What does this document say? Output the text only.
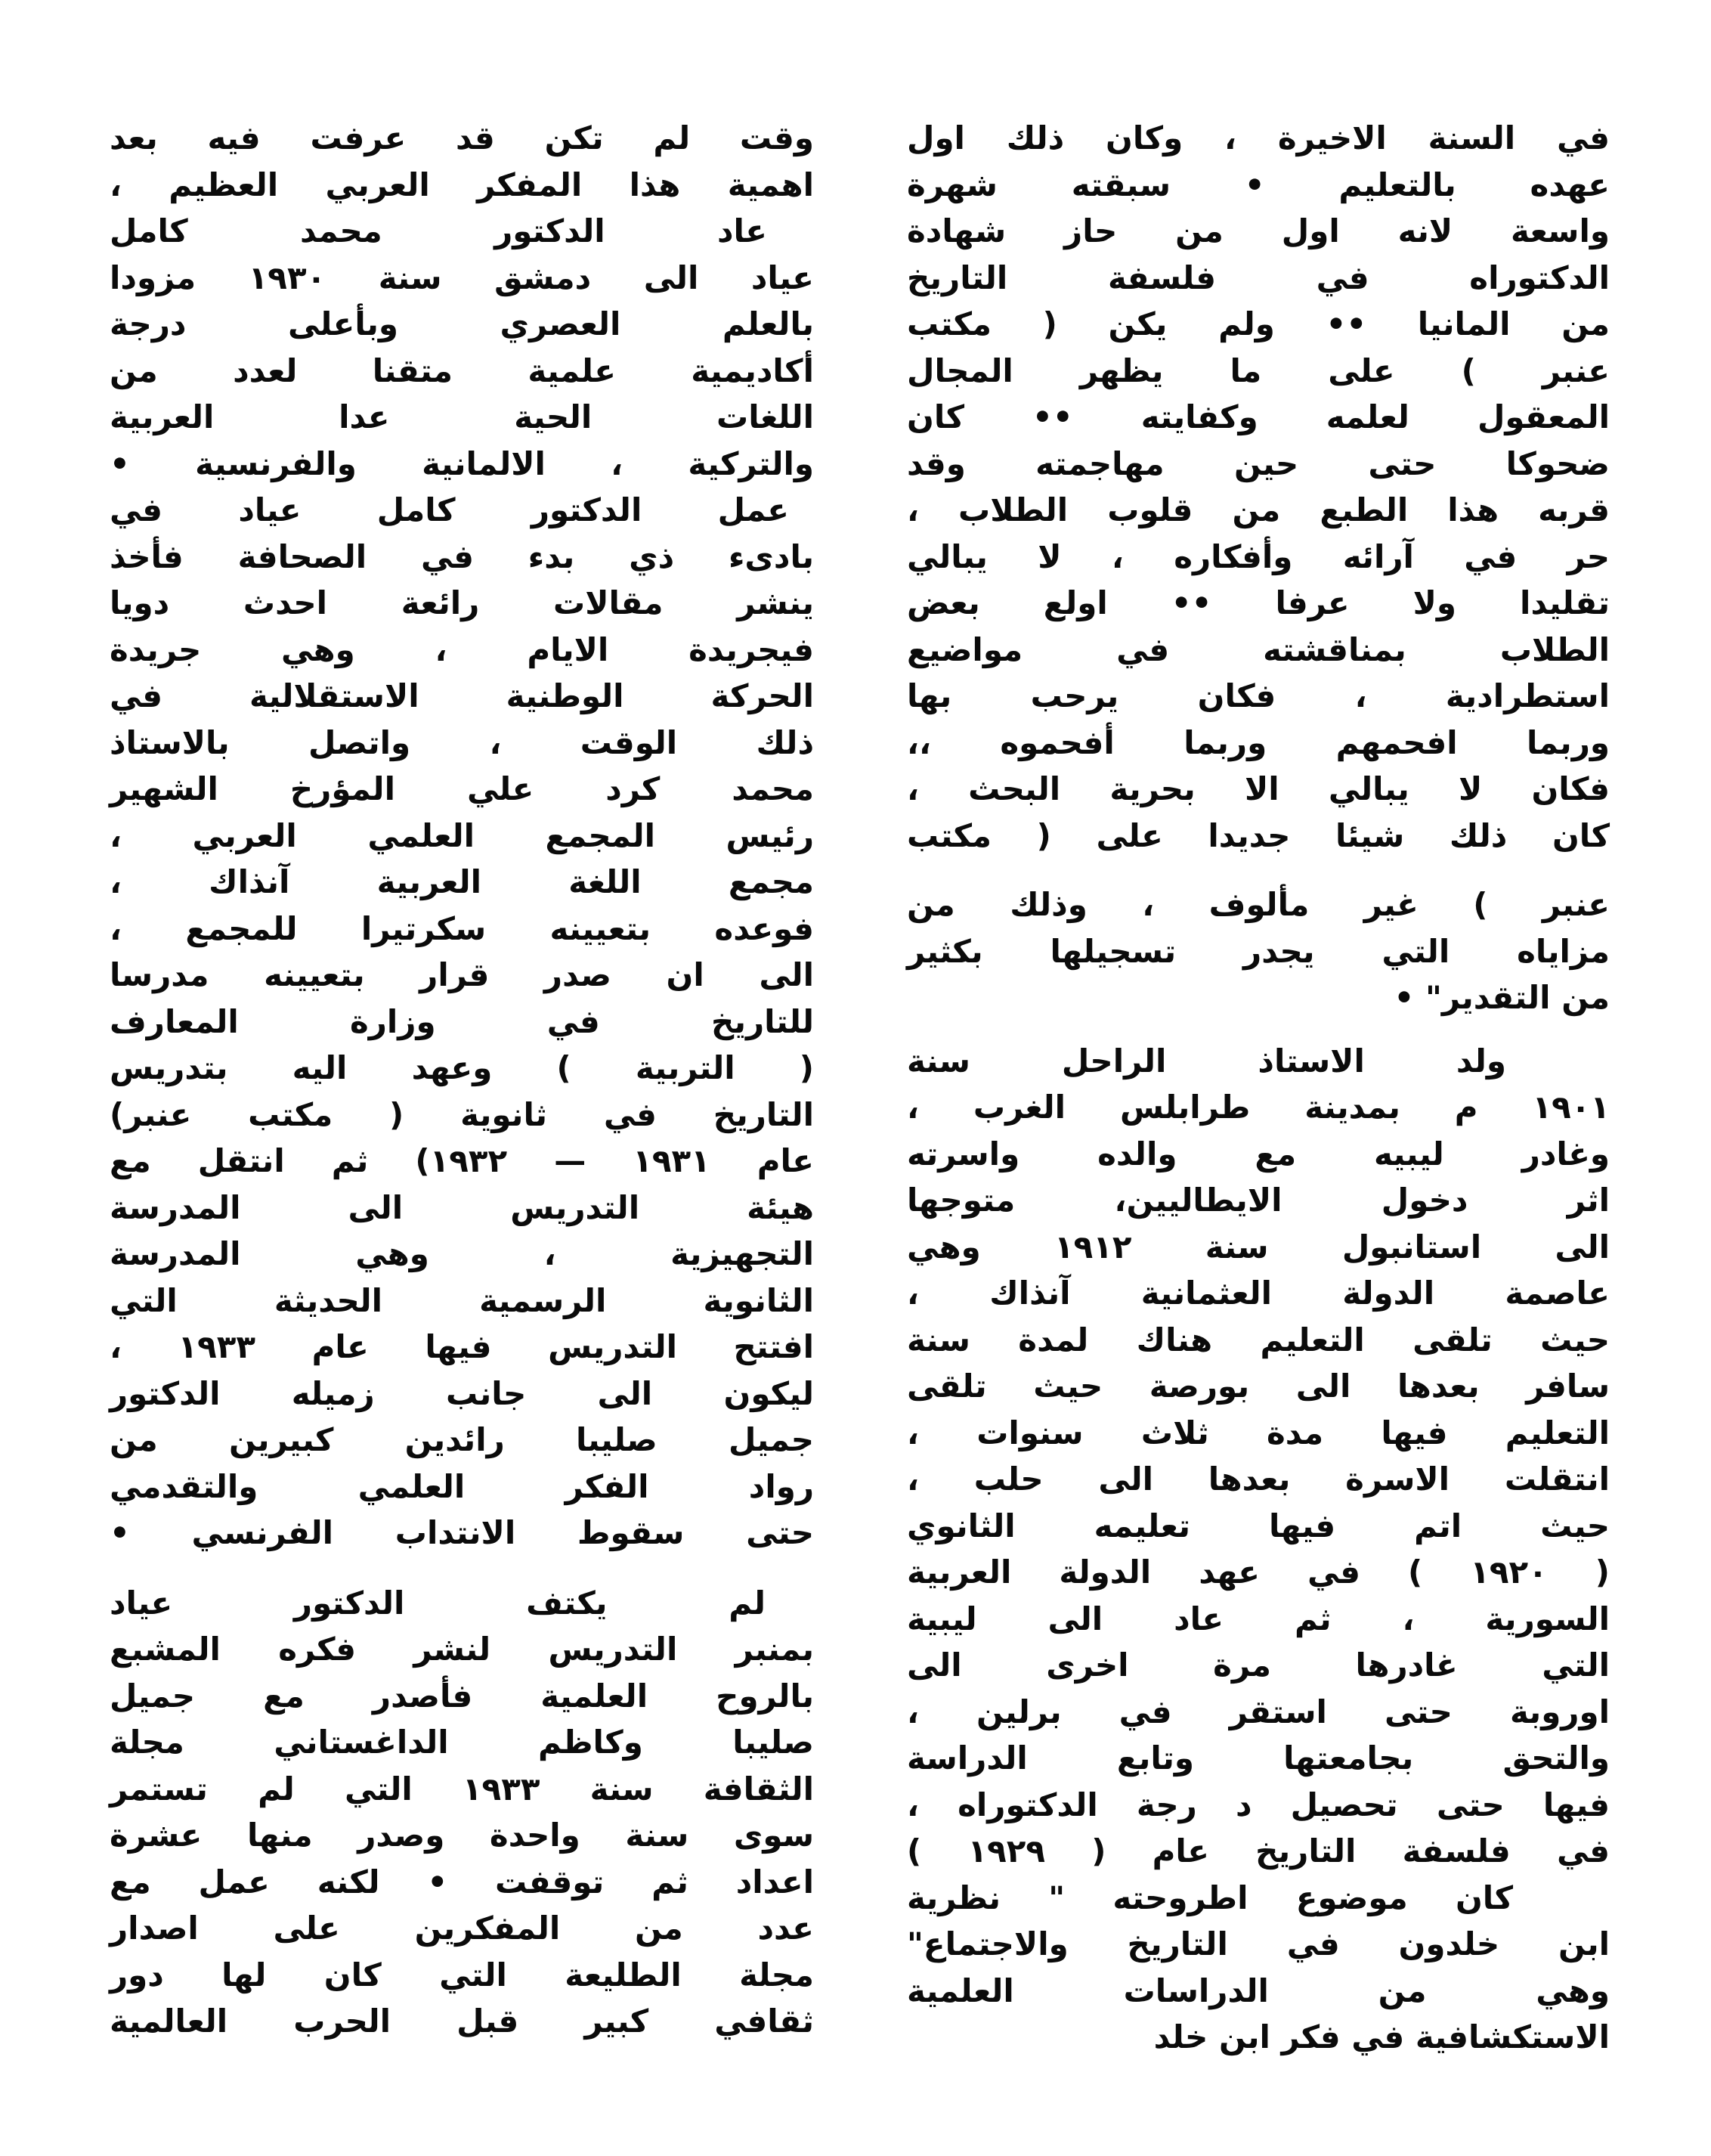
في السنة الاخيرة ، وكان ذلك اول
عهده بالتعليم • سبقته شهرة
واسعة لانه اول من حاز شهادة
الدكتوراه في فلسفة التاريخ
من المانيا •• ولم يكن ( مكتب
عنبر ) على ما يظهر المجال
المعقول لعلمه وكفايته •• كان
ضحوكا حتى حين مهاجمته وقد
قربه هذا الطبع من قلوب الطلاب ،
حر في آرائه وأفكاره ، لا يبالي
تقليدا ولا عرفا •• اولع بعض
الطلاب بمناقشته في مواضيع
استطرادية ، فكان يرحب بها
وربما افحمهم وربما أفحموه ،،
فكان لا يبالي الا بحرية البحث ،
كان ذلك شيئا جديدا على ( مكتب
عنبر ) غير مألوف ، وذلك من
مزاياه التي يجدر تسجيلها بكثير
من التقدير" •
ولد الاستاذ الراحل سنة
١٩٠١ م بمدينة طرابلس الغرب ،
وغادر ليبيه مع والده واسرته
اثر دخول الايطاليين، متوجها
الى استانبول سنة ١٩١٢ وهي
عاصمة الدولة العثمانية آنذاك ،
حيث تلقى التعليم هناك لمدة سنة
سافر بعدها الى بورصة حيث تلقى
التعليم فيها مدة ثلاث سنوات ،
انتقلت الاسرة بعدها الى حلب ،
حيث اتم فيها تعليمه الثانوي
( ١٩٢٠ ) في عهد الدولة العربية
السورية ، ثم عاد الى ليبية
التي غادرها مرة اخرى الى
اوروبة حتى استقر في برلين ،
والتحق بجامعتها وتابع الدراسة
فيها حتى تحصيل د رجة الدكتوراه ،
في فلسفة التاريخ عام ( ١٩٢٩ )
كان موضوع اطروحته " نظرية
ابن خلدون في التاريخ والاجتماع"
وهي من الدراسات العلمية
الاستكشافية في فكر ابن خلد
وقت لم تكن قد عرفت فيه بعد
اهمية هذا المفكر العربي العظيم ،
عاد الدكتور محمد كامل
عياد الى دمشق سنة ١٩٣٠ مزودا
بالعلم العصري وبأعلى درجة
أكاديمية علمية متقنا لعدد من
اللغات الحية عدا العربية
والتركية ، الالمانية والفرنسية •
عمل الدكتور كامل عياد في
بادىء ذي بدء في الصحافة فأخذ
ينشر مقالات رائعة احدث دويا
فيجريدة الايام ، وهي جريدة
الحركة الوطنية الاستقلالية في
ذلك الوقت ، واتصل بالاستاذ
محمد كرد علي المؤرخ الشهير
رئيس المجمع العلمي العربي ،
مجمع اللغة العربية آنذاك ،
فوعده بتعيينه سكرتيرا للمجمع ،
الى ان صدر قرار بتعيينه مدرسا
للتاريخ في وزارة المعارف
( التربية ) وعهد اليه بتدريس
التاريخ في ثانوية ( مكتب عنبر)
عام ١٩٣١ — ١٩٣٢) ثم انتقل مع
هيئة التدريس الى المدرسة
التجهيزية ، وهي المدرسة
الثانوية الرسمية الحديثة التي
افتتح التدريس فيها عام ١٩٣٣ ،
ليكون الى جانب زميله الدكتور
جميل صليبا رائدين كبيرين من
رواد الفكر العلمي والتقدمي
حتى سقوط الانتداب الفرنسي •
لم يكتف الدكتور عياد
بمنبر التدريس لنشر فكره المشبع
بالروح العلمية فأصدر مع جميل
صليبا وكاظم الداغستاني مجلة
الثقافة سنة ١٩٣٣ التي لم تستمر
سوى سنة واحدة وصدر منها عشرة
اعداد ثم توقفت • لكنه عمل مع
عدد من المفكرين على اصدار
مجلة الطليعة التي كان لها دور
ثقافي كبير قبل الحرب العالمية
